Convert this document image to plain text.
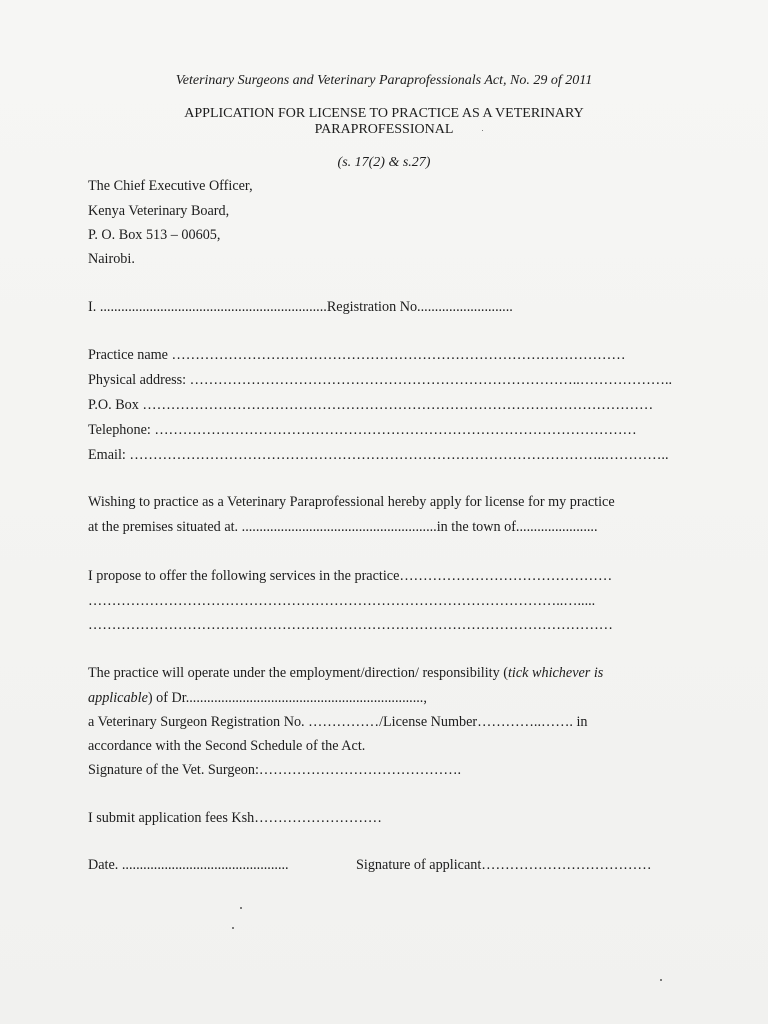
Veterinary Surgeons and Veterinary Paraprofessionals Act, No. 29 of 2011
APPLICATION FOR LICENSE TO PRACTICE AS A VETERINARY
PARAPROFESSIONAL
(s. 17(2) & s.27)
The Chief Executive Officer,
Kenya Veterinary Board,
P. O. Box 513 – 00605,
Nairobi.
I. ................................................................Registration No...........................
Practice name ……………………………………………………………………………………
Physical address: ………………………………………………………………………..………………..
P.O. Box ………………………………………………………………………………………………
Telephone: …………………………………………………………………………………………
Email: ………………………………………………………………………………………..…………..
Wishing to practice as a Veterinary Paraprofessional hereby apply for license for my practice
at the premises situated at. .......................................................in the town of.......................
I propose to offer the following services in the practice………………………………………
………………………………………………………………………………………..….....
…………………………………………………………………………………………………
The practice will operate under the employment/direction/ responsibility (tick whichever is
applicable) of Dr...................................................................,
a Veterinary Surgeon Registration No. ……………/License Number…………..……. in
accordance with the Second Schedule of the Act.
Signature of the Vet. Surgeon:…………………………………….
I submit application fees Ksh………………………
Date. ...............................................	Signature of applicant………………………………
